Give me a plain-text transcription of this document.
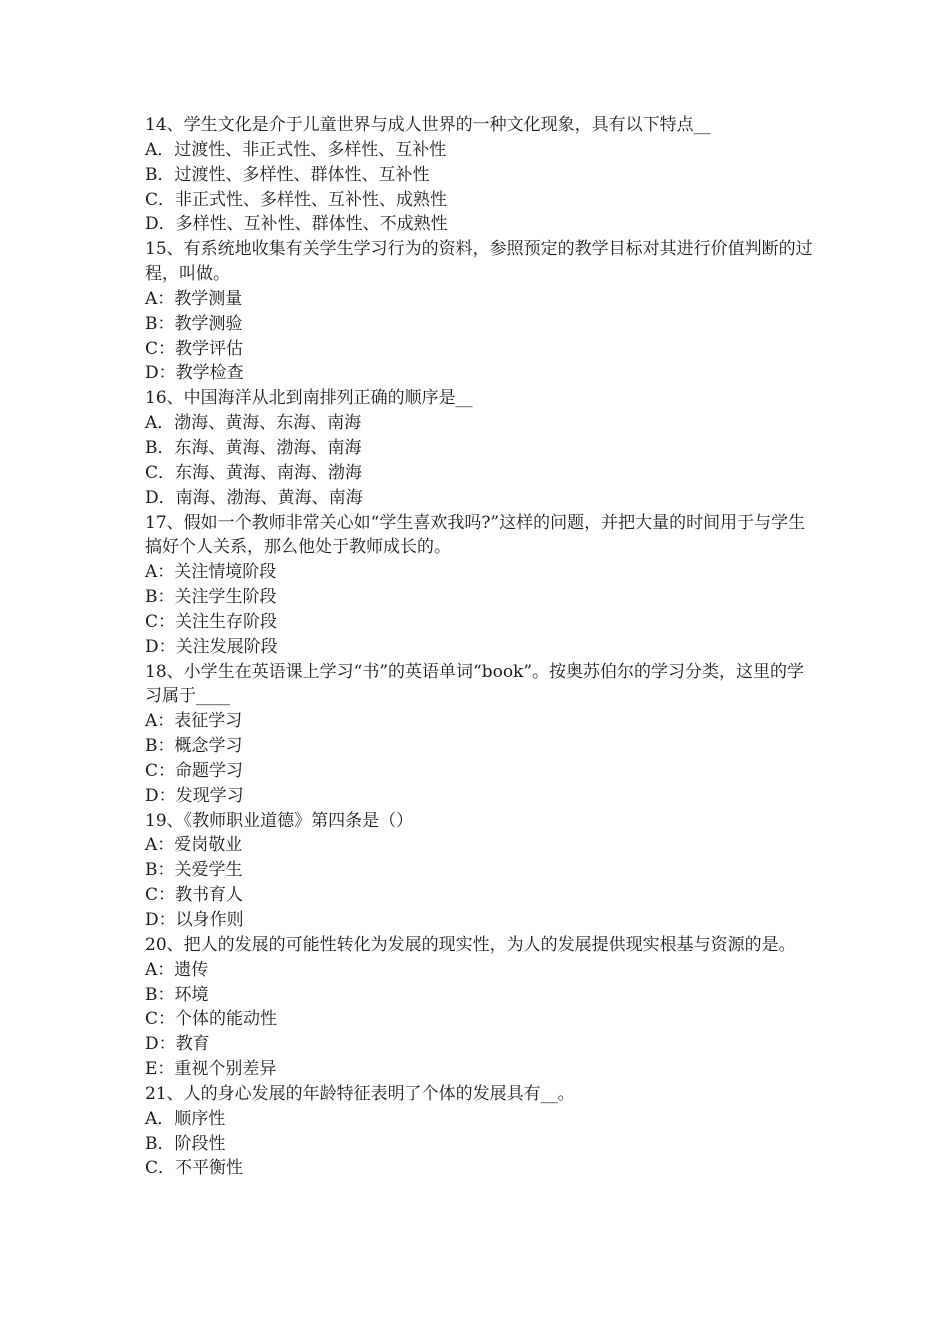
14、学生文化是介于儿童世界与成人世界的一种文化现象，具有以下特点__

A．过渡性、非正式性、多样性、互补性

B．过渡性、多样性、群体性、互补性

C．非正式性、多样性、互补性、成熟性

D．多样性、互补性、群体性、不成熟性

15、有系统地收集有关学生学习行为的资料，参照预定的教学目标对其进行价值判断的过程，叫做。

A：教学测量

B：教学测验

C：教学评估

D：教学检查

16、中国海洋从北到南排列正确的顺序是__

A．渤海、黄海、东海、南海

B．东海、黄海、渤海、南海

C．东海、黄海、南海、渤海

D．南海、渤海、黄海、南海

17、假如一个教师非常关心如“学生喜欢我吗?”这样的问题，并把大量的时间用于与学生搞好个人关系，那么他处于教师成长的。

A：关注情境阶段

B：关注学生阶段

C：关注生存阶段

D：关注发展阶段

18、小学生在英语课上学习“书”的英语单词“book”。按奥苏伯尔的学习分类，这里的学习属于____

A：表征学习

B：概念学习

C：命题学习

D：发现学习

19、《教师职业道德》第四条是（）

A：爱岗敬业

B：关爱学生

C：教书育人

D：以身作则

20、把人的发展的可能性转化为发展的现实性，为人的发展提供现实根基与资源的是。

A：遗传

B：环境

C：个体的能动性

D：教育

E：重视个别差异

21、人的身心发展的年龄特征表明了个体的发展具有__。

A．顺序性

B．阶段性

C．不平衡性
